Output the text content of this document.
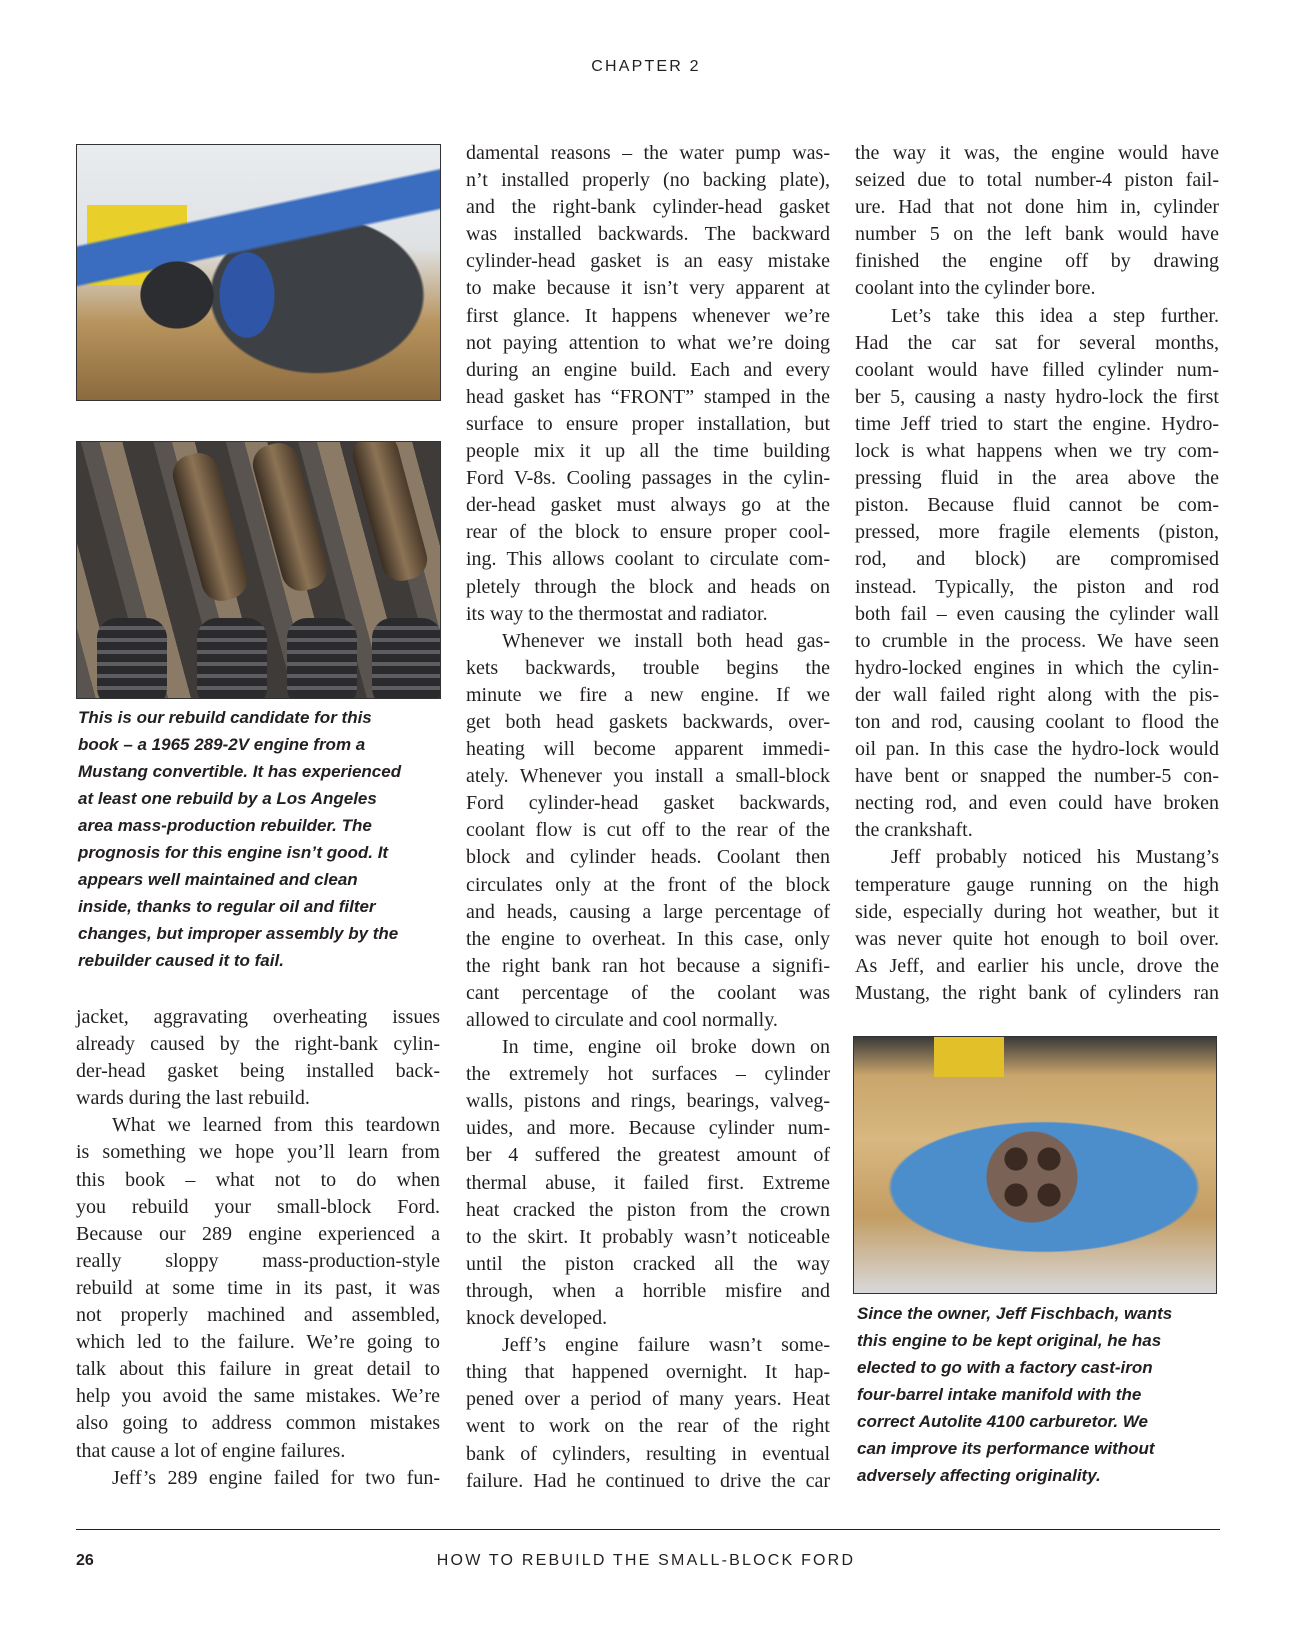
CHAPTER 2
This is our rebuild candidate for this
book – a 1965 289-2V engine from a
Mustang convertible. It has experienced
at least one rebuild by a Los Angeles
area mass-production rebuilder. The
prognosis for this engine isn’t good. It
appears well maintained and clean
inside, thanks to regular oil and filter
changes, but improper assembly by the
rebuilder caused it to fail.
jacket, aggravating overheating issues
already caused by the right-bank cylin-
der-head gasket being installed back-
wards during the last rebuild.
What we learned from this teardown
is something we hope you’ll learn from
this book – what not to do when
you rebuild your small-block Ford.
Because our 289 engine experienced a
really sloppy mass-production-style
rebuild at some time in its past, it was
not properly machined and assembled,
which led to the failure. We’re going to
talk about this failure in great detail to
help you avoid the same mistakes. We’re
also going to address common mistakes
that cause a lot of engine failures.
Jeff’s 289 engine failed for two fun-
damental reasons – the water pump was-
n’t installed properly (no backing plate),
and the right-bank cylinder-head gasket
was installed backwards. The backward
cylinder-head gasket is an easy mistake
to make because it isn’t very apparent at
first glance. It happens whenever we’re
not paying attention to what we’re doing
during an engine build. Each and every
head gasket has “FRONT” stamped in the
surface to ensure proper installation, but
people mix it up all the time building
Ford V-8s. Cooling passages in the cylin-
der-head gasket must always go at the
rear of the block to ensure proper cool-
ing. This allows coolant to circulate com-
pletely through the block and heads on
its way to the thermostat and radiator.
Whenever we install both head gas-
kets backwards, trouble begins the
minute we fire a new engine. If we
get both head gaskets backwards, over-
heating will become apparent immedi-
ately. Whenever you install a small-block
Ford cylinder-head gasket backwards,
coolant flow is cut off to the rear of the
block and cylinder heads. Coolant then
circulates only at the front of the block
and heads, causing a large percentage of
the engine to overheat. In this case, only
the right bank ran hot because a signifi-
cant percentage of the coolant was
allowed to circulate and cool normally.
In time, engine oil broke down on
the extremely hot surfaces – cylinder
walls, pistons and rings, bearings, valveg-
uides, and more. Because cylinder num-
ber 4 suffered the greatest amount of
thermal abuse, it failed first. Extreme
heat cracked the piston from the crown
to the skirt. It probably wasn’t noticeable
until the piston cracked all the way
through, when a horrible misfire and
knock developed.
Jeff’s engine failure wasn’t some-
thing that happened overnight. It hap-
pened over a period of many years. Heat
went to work on the rear of the right
bank of cylinders, resulting in eventual
failure. Had he continued to drive the car
the way it was, the engine would have
seized due to total number-4 piston fail-
ure. Had that not done him in, cylinder
number 5 on the left bank would have
finished the engine off by drawing
coolant into the cylinder bore.
Let’s take this idea a step further.
Had the car sat for several months,
coolant would have filled cylinder num-
ber 5, causing a nasty hydro-lock the first
time Jeff tried to start the engine. Hydro-
lock is what happens when we try com-
pressing fluid in the area above the
piston. Because fluid cannot be com-
pressed, more fragile elements (piston,
rod, and block) are compromised
instead. Typically, the piston and rod
both fail – even causing the cylinder wall
to crumble in the process. We have seen
hydro-locked engines in which the cylin-
der wall failed right along with the pis-
ton and rod, causing coolant to flood the
oil pan. In this case the hydro-lock would
have bent or snapped the number-5 con-
necting rod, and even could have broken
the crankshaft.
Jeff probably noticed his Mustang’s
temperature gauge running on the high
side, especially during hot weather, but it
was never quite hot enough to boil over.
As Jeff, and earlier his uncle, drove the
Mustang, the right bank of cylinders ran
Since the owner, Jeff Fischbach, wants
this engine to be kept original, he has
elected to go with a factory cast-iron
four-barrel intake manifold with the
correct Autolite 4100 carburetor. We
can improve its performance without
adversely affecting originality.
26	HOW TO REBUILD THE SMALL-BLOCK FORD
